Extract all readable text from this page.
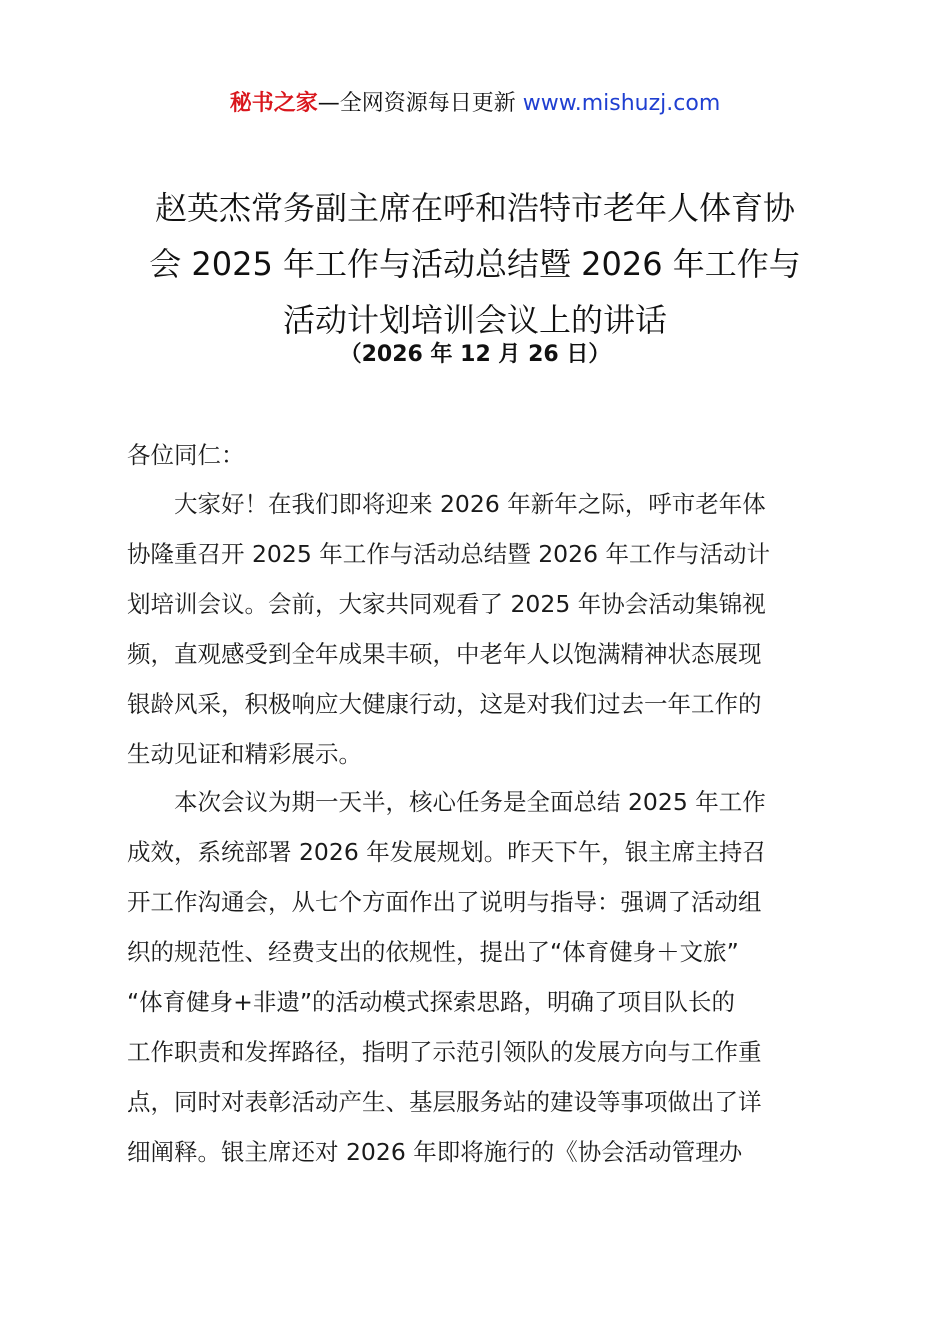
秘书之家—全网资源每日更新 www.mishuzj.com
赵英杰常务副主席在呼和浩特市老年人体育协
会 2025 年工作与活动总结暨 2026 年工作与
活动计划培训会议上的讲话
（2026 年 12 月 26 日）
各位同仁：
大家好！在我们即将迎来 2026 年新年之际，呼市老年体
协隆重召开 2025 年工作与活动总结暨 2026 年工作与活动计
划培训会议。会前，大家共同观看了 2025 年协会活动集锦视
频，直观感受到全年成果丰硕，中老年人以饱满精神状态展现
银龄风采，积极响应大健康行动，这是对我们过去一年工作的
生动见证和精彩展示。
本次会议为期一天半，核心任务是全面总结 2025 年工作
成效，系统部署 2026 年发展规划。昨天下午，银主席主持召
开工作沟通会，从七个方面作出了说明与指导：强调了活动组
织的规范性、经费支出的依规性，提出了“体育健身＋文旅”
“体育健身+非遗”的活动模式探索思路，明确了项目队长的
工作职责和发挥路径，指明了示范引领队的发展方向与工作重
点，同时对表彰活动产生、基层服务站的建设等事项做出了详
细阐释。银主席还对 2026 年即将施行的《协会活动管理办
